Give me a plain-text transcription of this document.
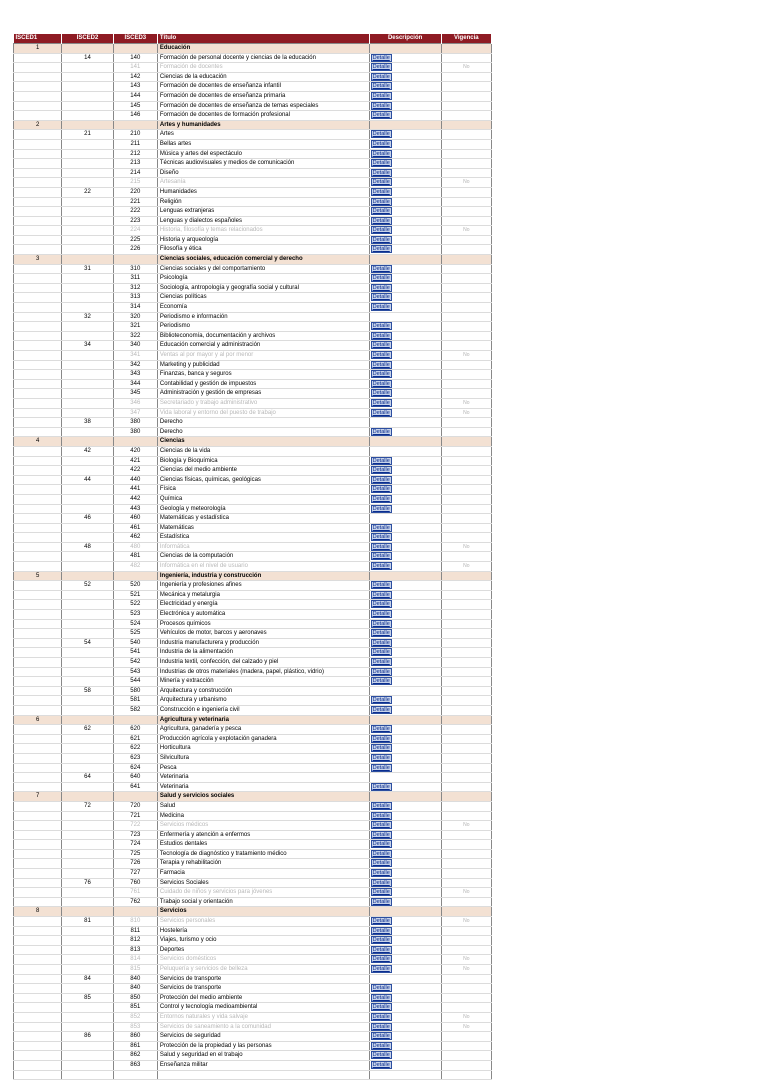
ISCED1	ISCED2	ISCED3	Título	Descripción	Vigencia
1			Educación		
	14	140	Formación de personal docente y ciencias de la educación	Detalle	
		141	Formación de docentes	Detalle	No
		142	Ciencias de la educación	Detalle	
		143	Formación de docentes de enseñanza infantil	Detalle	
		144	Formación de docentes de enseñanza primaria	Detalle	
		145	Formación de docentes de enseñanza de temas especiales	Detalle	
		146	Formación de docentes de formación profesional	Detalle	
2			Artes y humanidades		
	21	210	Artes	Detalle	
		211	Bellas artes	Detalle	
		212	Música y artes del espectáculo	Detalle	
		213	Técnicas audiovisuales y medios de comunicación	Detalle	
		214	Diseño	Detalle	
		215	Artesanía	Detalle	No
	22	220	Humanidades	Detalle	
		221	Religión	Detalle	
		222	Lenguas extranjeras	Detalle	
		223	Lenguas y dialectos españoles	Detalle	
		224	Historia, filosofía y temas relacionados	Detalle	No
		225	Historia y arqueología	Detalle	
		226	Filosofía y ética	Detalle	
3			Ciencias sociales, educación comercial y derecho		
	31	310	Ciencias sociales y del comportamiento	Detalle	
		311	Psicología	Detalle	
		312	Sociología, antropología y geografía social y cultural	Detalle	
		313	Ciencias políticas	Detalle	
		314	Economía	Detalle	
	32	320	Periodismo e información		
		321	Periodismo	Detalle	
		322	Biblioteconomía, documentación y archivos	Detalle	
	34	340	Educación comercial y administración	Detalle	
		341	Ventas al por mayor y al por menor	Detalle	No
		342	Marketing y publicidad	Detalle	
		343	Finanzas, banca y seguros	Detalle	
		344	Contabilidad y gestión de impuestos	Detalle	
		345	Administración y gestión de empresas	Detalle	
		346	Secretariado y trabajo administrativo	Detalle	No
		347	Vida laboral y entorno del puesto de trabajo	Detalle	No
	38	380	Derecho		
		380	Derecho	Detalle	
4			Ciencias		
	42	420	Ciencias de la vida		
		421	Biología y Bioquímica	Detalle	
		422	Ciencias del medio ambiente	Detalle	
	44	440	Ciencias físicas, químicas, geológicas	Detalle	
		441	Física	Detalle	
		442	Química	Detalle	
		443	Geología y meteorología	Detalle	
	46	460	Matemáticas y estadística		
		461	Matemáticas	Detalle	
		462	Estadística	Detalle	
	48	480	Informática	Detalle	No
		481	Ciencias de la computación	Detalle	
		482	Informática en el nivel de usuario	Detalle	No
5			Ingeniería, industria y construcción		
	52	520	Ingeniería y profesiones afines	Detalle	
		521	Mecánica y metalurgia	Detalle	
		522	Electricidad y energía	Detalle	
		523	Electrónica y automática	Detalle	
		524	Procesos químicos	Detalle	
		525	Vehículos de motor, barcos y aeronaves	Detalle	
	54	540	Industria manufacturera y producción	Detalle	
		541	Industria de la alimentación	Detalle	
		542	Industria textil, confección, del calzado y piel	Detalle	
		543	Industrias de otros materiales (madera, papel, plástico, vidrio)	Detalle	
		544	Minería y extracción	Detalle	
	58	580	Arquitectura y construcción		
		581	Arquitectura y urbanismo	Detalle	
		582	Construcción e ingeniería civil	Detalle	
6			Agricultura y veterinaria		
	62	620	Agricultura, ganadería y pesca	Detalle	
		621	Producción agrícola y explotación ganadera	Detalle	
		622	Horticultura	Detalle	
		623	Silvicultura	Detalle	
		624	Pesca	Detalle	
	64	640	Veterinaria		
		641	Veterinaria	Detalle	
7			Salud y servicios sociales		
	72	720	Salud	Detalle	
		721	Medicina	Detalle	
		722	Servicios médicos	Detalle	No
		723	Enfermería y atención a enfermos	Detalle	
		724	Estudios dentales	Detalle	
		725	Tecnología de diagnóstico y tratamiento médico	Detalle	
		726	Terapia y rehabilitación	Detalle	
		727	Farmacia	Detalle	
	76	760	Servicios Sociales	Detalle	
		761	Cuidado de niños y servicios para jóvenes	Detalle	No
		762	Trabajo social y orientación	Detalle	
8			Servicios		
	81	810	Servicios personales	Detalle	No
		811	Hostelería	Detalle	
		812	Viajes, turismo y ocio	Detalle	
		813	Deportes	Detalle	
		814	Servicios domésticos	Detalle	No
		815	Peluquería y servicios de belleza	Detalle	No
	84	840	Servicios de transporte		
		840	Servicios de transporte	Detalle	
	85	850	Protección del medio ambiente	Detalle	
		851	Control y tecnología medioambiental	Detalle	
		852	Entornos naturales y vida salvaje	Detalle	No
		853	Servicios de saneamiento a la comunidad	Detalle	No
	86	860	Servicios de seguridad	Detalle	
		861	Protección de la propiedad y las personas	Detalle	
		862	Salud y seguridad en el trabajo	Detalle	
		863	Enseñanza militar	Detalle	
